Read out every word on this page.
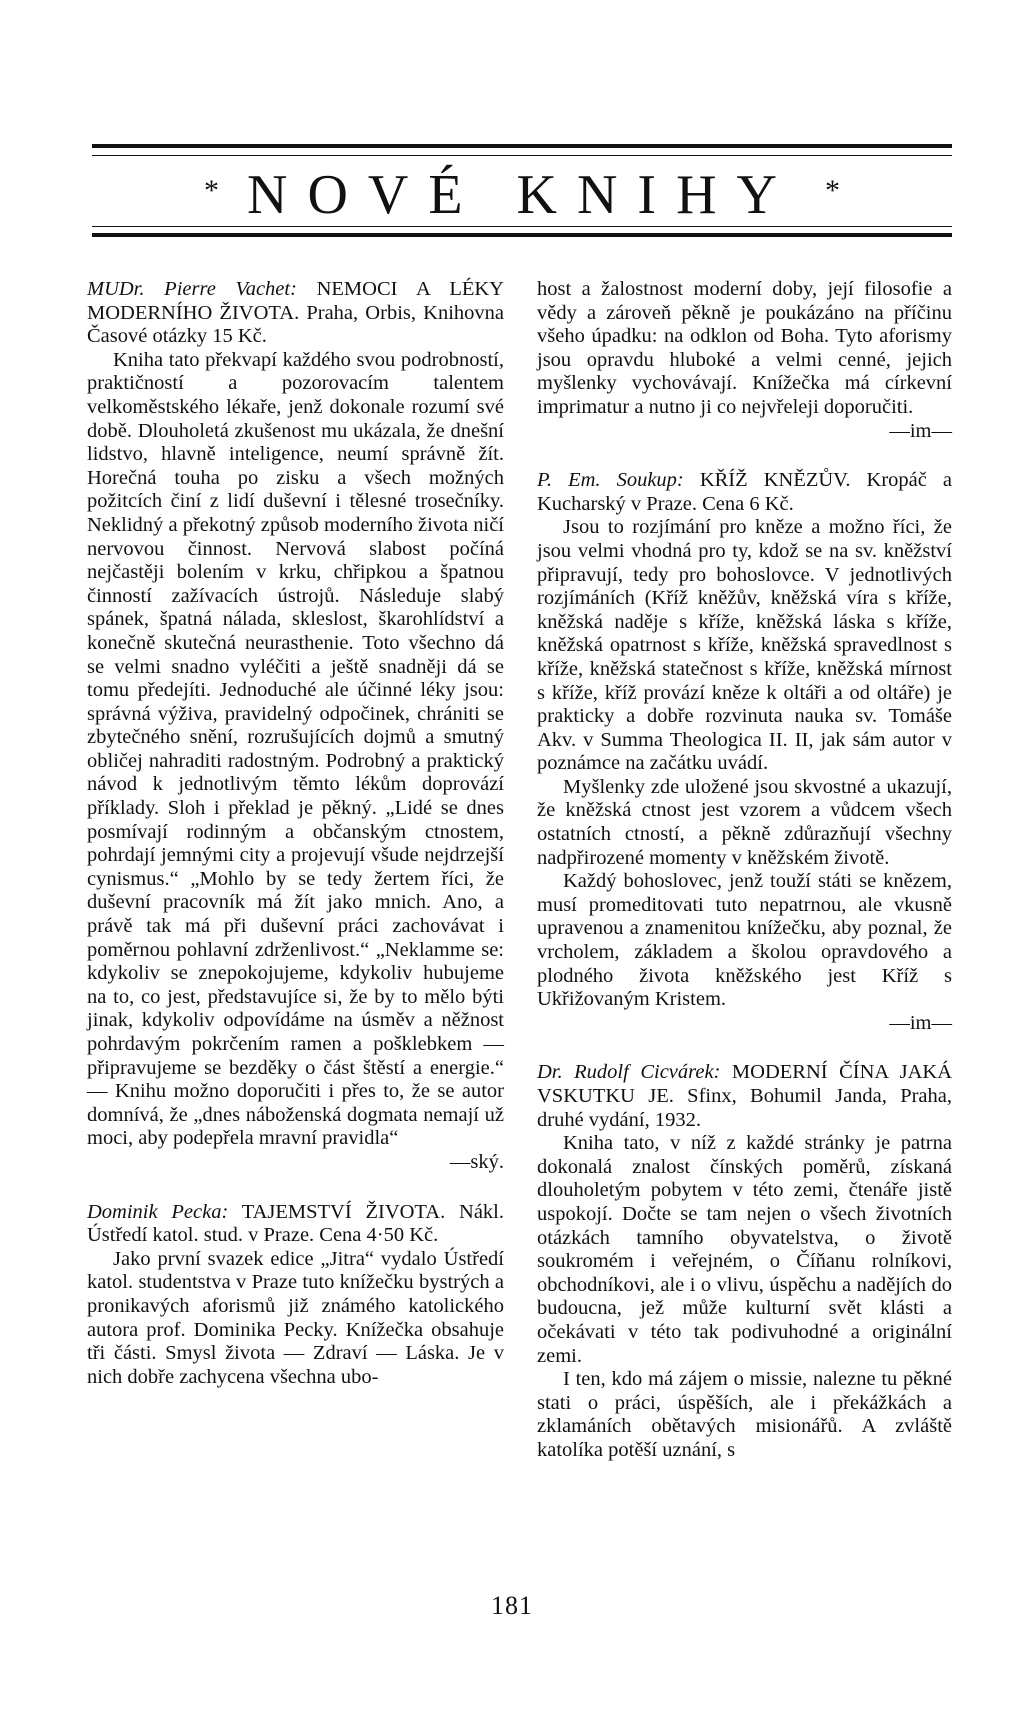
* NOVÉ KNIHY *

MUDr. Pierre Vachet: NEMOCI A LÉKY MODERNÍHO ŽIVOTA. Praha, Orbis, Knihovna Časové otázky 15 Kč.

Kniha tato překvapí každého svou podrobností, praktičností a pozorovacím talentem velkoměstského lékaře, jenž dokonale rozumí své době. Dlouholetá zkušenost mu ukázala, že dnešní lidstvo, hlavně inteligence, neumí správně žít. Horečná touha po zisku a všech možných požitcích činí z lidí duševní i tělesné trosečníky. Neklidný a překotný způsob moderního života ničí nervovou činnost. Nervová slabost počíná nejčastěji bolením v krku, chřipkou a špatnou činností zažívacích ústrojů. Následuje slabý spánek, špatná nálada, skleslost, škarohlídství a konečně skutečná neurasthenie. Toto všechno dá se velmi snadno vyléčiti a ještě snadněji dá se tomu předejíti. Jednoduché ale účinné léky jsou: správná výživa, pravidelný odpočinek, chrániti se zbytečného snění, rozrušujících dojmů a smutný obličej nahraditi radostným. Podrobný a praktický návod k jednotlivým těmto lékům doprovází příklady. Sloh i překlad je pěkný. „Lidé se dnes posmívají rodinným a občanským ctnostem, pohrdají jemnými city a projevují všude nejdrzejší cynismus.“ „Mohlo by se tedy žertem říci, že duševní pracovník má žít jako mnich. Ano, a právě tak má při duševní práci zachovávat i poměrnou pohlavní zdrženlivost.“ „Neklamme se: kdykoliv se znepokojujeme, kdykoliv hubujeme na to, co jest, představujíce si, že by to mělo býti jinak, kdykoliv odpovídáme na úsměv a něžnost pohrdavým pokrčením ramen a pošklebkem — připravujeme se bezděky o část štěstí a energie.“ — Knihu možno doporučiti i přes to, že se autor domnívá, že „dnes náboženská dogmata nemají už moci, aby podepřela mravní pravidla“

—ský.

Dominik Pecka: TAJEMSTVÍ ŽIVOTA. Nákl. Ústředí katol. stud. v Praze. Cena 4·50 Kč.

Jako první svazek edice „Jitra“ vydalo Ústředí katol. studentstva v Praze tuto knížečku bystrých a pronikavých aforismů již známého katolického autora prof. Dominika Pecky. Knížečka obsahuje tři části. Smysl života — Zdraví — Láska. Je v nich dobře zachycena všechna ubo-

host a žalostnost moderní doby, její filosofie a vědy a zároveň pěkně je poukázáno na příčinu všeho úpadku: na odklon od Boha. Tyto aforismy jsou opravdu hluboké a velmi cenné, jejich myšlenky vychovávají. Knížečka má církevní imprimatur a nutno ji co nejvřeleji doporučiti.

—im—

P. Em. Soukup: KŘÍŽ KNĚZŮV. Kropáč a Kucharský v Praze. Cena 6 Kč.

Jsou to rozjímání pro kněze a možno říci, že jsou velmi vhodná pro ty, kdož se na sv. kněžství připravují, tedy pro bohoslovce. V jednotlivých rozjímáních (Kříž kněžův, kněžská víra s kříže, kněžská naděje s kříže, kněžská láska s kříže, kněžská opatrnost s kříže, kněžská spravedlnost s kříže, kněžská statečnost s kříže, kněžská mírnost s kříže, kříž provází kněze k oltáři a od oltáře) je prakticky a dobře rozvinuta nauka sv. Tomáše Akv. v Summa Theologica II. II, jak sám autor v poznámce na začátku uvádí.

Myšlenky zde uložené jsou skvostné a ukazují, že kněžská ctnost jest vzorem a vůdcem všech ostatních ctností, a pěkně zdůrazňují všechny nadpřirozené momenty v kněžském životě.

Každý bohoslovec, jenž touží státi se knězem, musí promeditovati tuto nepatrnou, ale vkusně upravenou a znamenitou knížečku, aby poznal, že vrcholem, základem a školou opravdového a plodného života kněžského jest Kříž s Ukřižovaným Kristem.

—im—

Dr. Rudolf Cicvárek: MODERNÍ ČÍNA JAKÁ VSKUTKU JE. Sfinx, Bohumil Janda, Praha, druhé vydání, 1932.

Kniha tato, v níž z každé stránky je patrna dokonalá znalost čínských poměrů, získaná dlouholetým pobytem v této zemi, čtenáře jistě uspokojí. Dočte se tam nejen o všech životních otázkách tamního obyvatelstva, o životě soukromém i veřejném, o Číňanu rolníkovi, obchodníkovi, ale i o vlivu, úspěchu a nadějích do budoucna, jež může kulturní svět klásti a očekávati v této tak podivuhodné a originální zemi.

I ten, kdo má zájem o missie, nalezne tu pěkné stati o práci, úspěších, ale i překážkách a zklamáních obětavých misionářů. A zvláště katolíka potěší uznání, s

181
